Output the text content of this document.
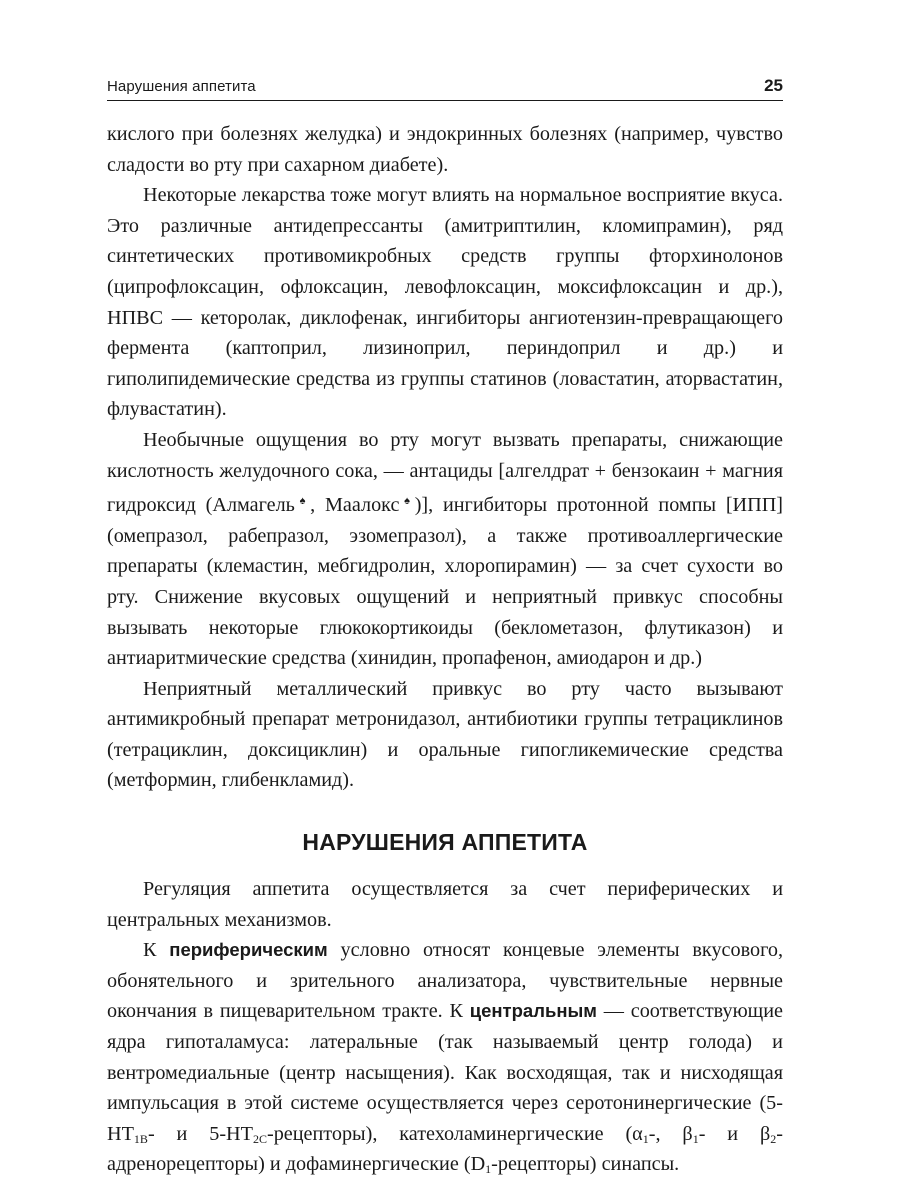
Нарушения аппетита	25

кислого при болезнях желудка) и эндокринных болезнях (например, чувство сладости во рту при сахарном диабете).

Некоторые лекарства тоже могут влиять на нормальное восприятие вкуса. Это различные антидепрессанты (амитриптилин, кломипрамин), ряд синтетических противомикробных средств группы фторхинолонов (ципрофлоксацин, офлоксацин, левофлоксацин, моксифлоксацин и др.), НПВС — кеторолак, диклофенак, ингибиторы ангиотензин-превращающего фермента (каптоприл, лизиноприл, периндоприл и др.) и гиполипидемические средства из группы статинов (ловастатин, аторвастатин, флувастатин).

Необычные ощущения во рту могут вызвать препараты, снижающие кислотность желудочного сока, — антациды [алгелдрат + бензокаин + магния гидроксид (Алмагель♠, Маалокс♠)], ингибиторы протонной помпы [ИПП] (омепразол, рабепразол, эзомепразол), а также противоаллергические препараты (клемастин, мебгидролин, хлоропирамин) — за счет сухости во рту. Снижение вкусовых ощущений и неприятный привкус способны вызывать некоторые глюкокортикоиды (беклометазон, флутиказон) и антиаритмические средства (хинидин, пропафенон, амиодарон и др.)

Неприятный металлический привкус во рту часто вызывают антимикробный препарат метронидазол, антибиотики группы тетрациклинов (тетрациклин, доксициклин) и оральные гипогликемические средства (метформин, глибенкламид).

НАРУШЕНИЯ АППЕТИТА

Регуляция аппетита осуществляется за счет периферических и центральных механизмов.

К периферическим условно относят концевые элементы вкусового, обонятельного и зрительного анализатора, чувствительные нервные окончания в пищеварительном тракте. К центральным — соответствующие ядра гипоталамуса: латеральные (так называемый центр голода) и вентромедиальные (центр насыщения). Как восходящая, так и нисходящая импульсация в этой системе осуществляется через серотонинергические ($5-НТ_{1В}-$ и $5-НТ_{2С}-рецепторы$), катехоламинергические ($\alpha_1-$, $\beta_1-$ и $\beta_2-адренорецепторы$) и дофаминергические $(D_1-рецепторы)$ синапсы.
